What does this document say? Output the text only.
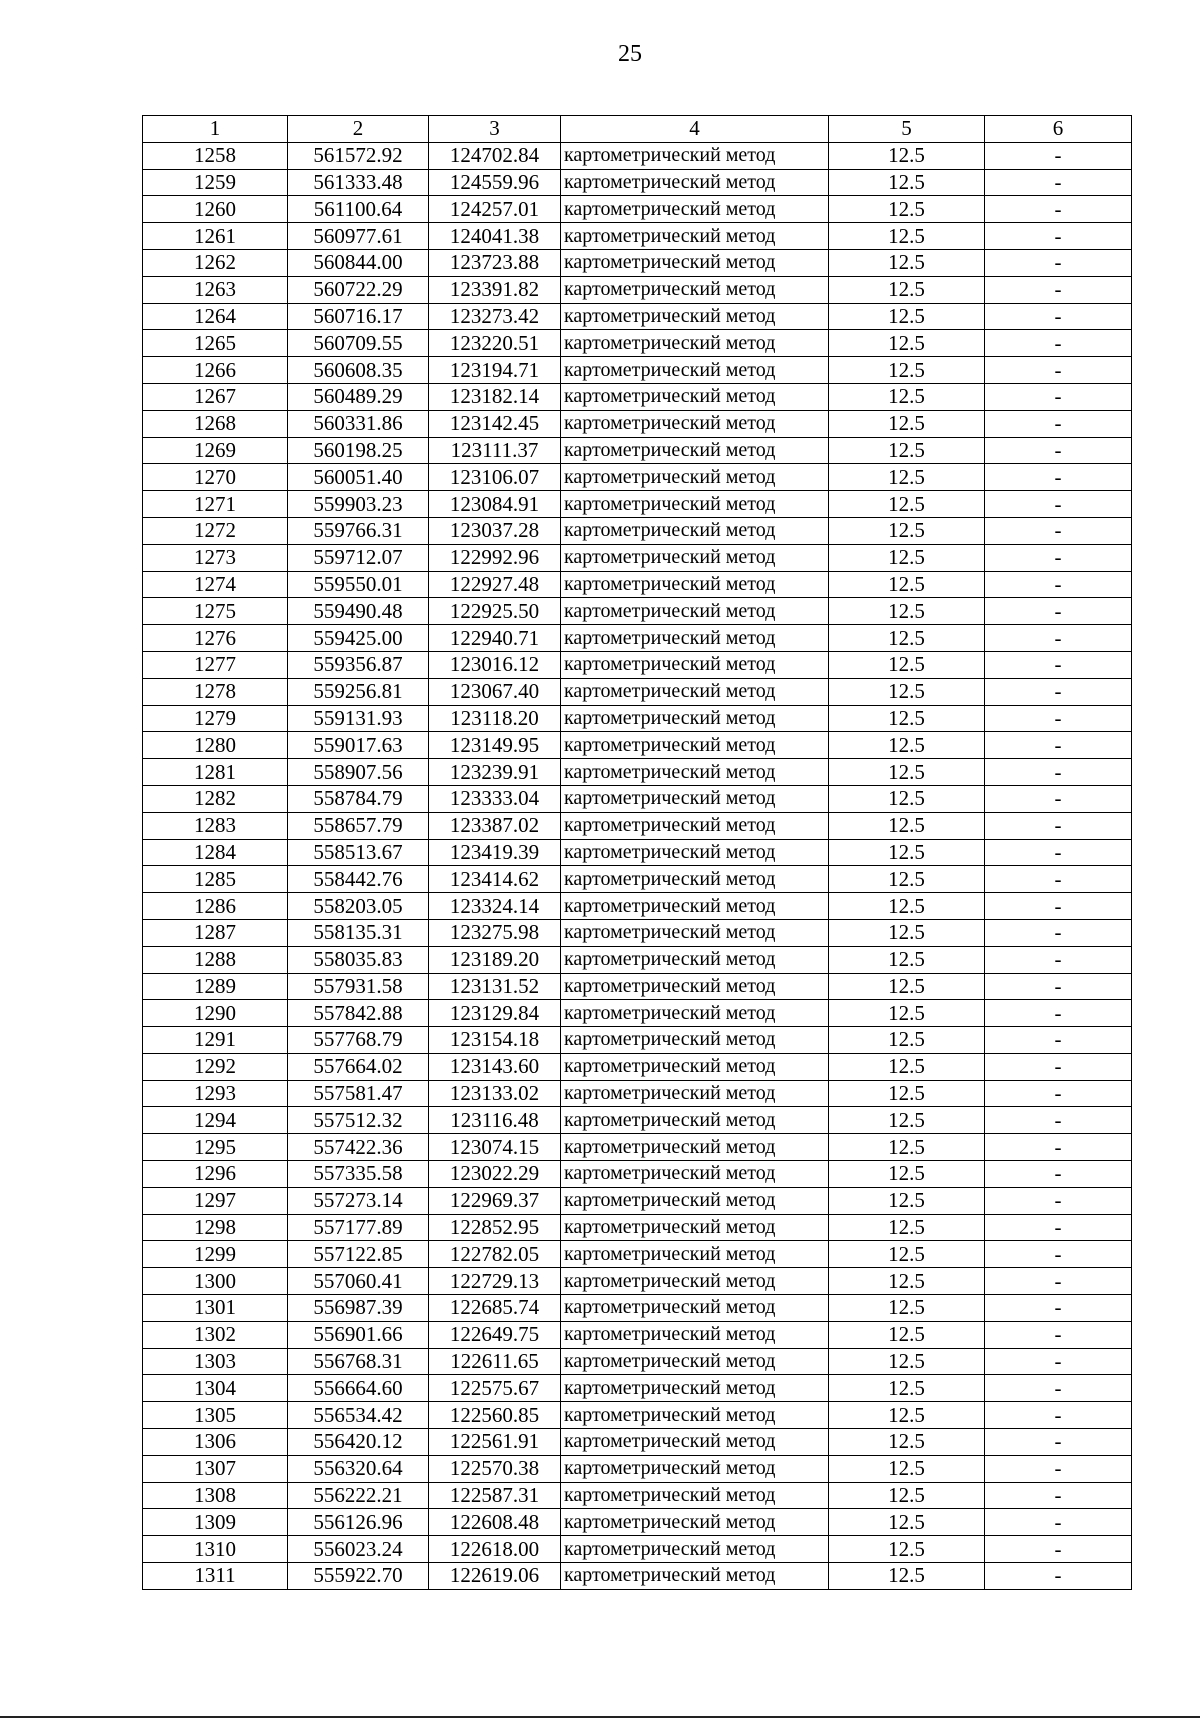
25
1	2	3	4	5	6
1258	561572.92	124702.84	картометрический метод	12.5	-
1259	561333.48	124559.96	картометрический метод	12.5	-
1260	561100.64	124257.01	картометрический метод	12.5	-
1261	560977.61	124041.38	картометрический метод	12.5	-
1262	560844.00	123723.88	картометрический метод	12.5	-
1263	560722.29	123391.82	картометрический метод	12.5	-
1264	560716.17	123273.42	картометрический метод	12.5	-
1265	560709.55	123220.51	картометрический метод	12.5	-
1266	560608.35	123194.71	картометрический метод	12.5	-
1267	560489.29	123182.14	картометрический метод	12.5	-
1268	560331.86	123142.45	картометрический метод	12.5	-
1269	560198.25	123111.37	картометрический метод	12.5	-
1270	560051.40	123106.07	картометрический метод	12.5	-
1271	559903.23	123084.91	картометрический метод	12.5	-
1272	559766.31	123037.28	картометрический метод	12.5	-
1273	559712.07	122992.96	картометрический метод	12.5	-
1274	559550.01	122927.48	картометрический метод	12.5	-
1275	559490.48	122925.50	картометрический метод	12.5	-
1276	559425.00	122940.71	картометрический метод	12.5	-
1277	559356.87	123016.12	картометрический метод	12.5	-
1278	559256.81	123067.40	картометрический метод	12.5	-
1279	559131.93	123118.20	картометрический метод	12.5	-
1280	559017.63	123149.95	картометрический метод	12.5	-
1281	558907.56	123239.91	картометрический метод	12.5	-
1282	558784.79	123333.04	картометрический метод	12.5	-
1283	558657.79	123387.02	картометрический метод	12.5	-
1284	558513.67	123419.39	картометрический метод	12.5	-
1285	558442.76	123414.62	картометрический метод	12.5	-
1286	558203.05	123324.14	картометрический метод	12.5	-
1287	558135.31	123275.98	картометрический метод	12.5	-
1288	558035.83	123189.20	картометрический метод	12.5	-
1289	557931.58	123131.52	картометрический метод	12.5	-
1290	557842.88	123129.84	картометрический метод	12.5	-
1291	557768.79	123154.18	картометрический метод	12.5	-
1292	557664.02	123143.60	картометрический метод	12.5	-
1293	557581.47	123133.02	картометрический метод	12.5	-
1294	557512.32	123116.48	картометрический метод	12.5	-
1295	557422.36	123074.15	картометрический метод	12.5	-
1296	557335.58	123022.29	картометрический метод	12.5	-
1297	557273.14	122969.37	картометрический метод	12.5	-
1298	557177.89	122852.95	картометрический метод	12.5	-
1299	557122.85	122782.05	картометрический метод	12.5	-
1300	557060.41	122729.13	картометрический метод	12.5	-
1301	556987.39	122685.74	картометрический метод	12.5	-
1302	556901.66	122649.75	картометрический метод	12.5	-
1303	556768.31	122611.65	картометрический метод	12.5	-
1304	556664.60	122575.67	картометрический метод	12.5	-
1305	556534.42	122560.85	картометрический метод	12.5	-
1306	556420.12	122561.91	картометрический метод	12.5	-
1307	556320.64	122570.38	картометрический метод	12.5	-
1308	556222.21	122587.31	картометрический метод	12.5	-
1309	556126.96	122608.48	картометрический метод	12.5	-
1310	556023.24	122618.00	картометрический метод	12.5	-
1311	555922.70	122619.06	картометрический метод	12.5	-
